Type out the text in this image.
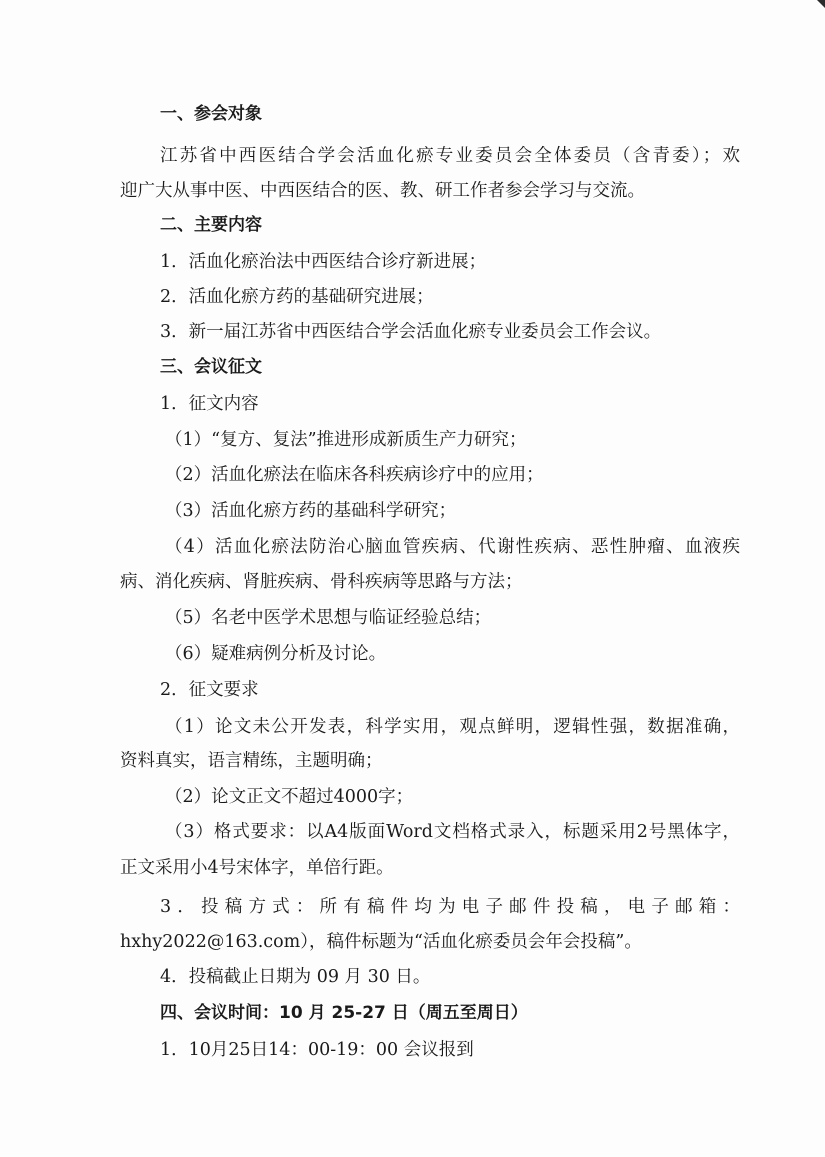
一、参会对象
江苏省中西医结合学会活血化瘀专业委员会全体委员（含青委）；欢
迎广大从事中医、中西医结合的医、教、研工作者参会学习与交流。
二、主要内容
1．活血化瘀治法中西医结合诊疗新进展；
2．活血化瘀方药的基础研究进展；
3．新一届江苏省中西医结合学会活血化瘀专业委员会工作会议。
三、会议征文
1．征文内容
（1）“复方、复法”推进形成新质生产力研究；
（2）活血化瘀法在临床各科疾病诊疗中的应用；
（3）活血化瘀方药的基础科学研究；
（4）活血化瘀法防治心脑血管疾病、代谢性疾病、恶性肿瘤、血液疾
病、消化疾病、肾脏疾病、骨科疾病等思路与方法；
（5）名老中医学术思想与临证经验总结；
（6）疑难病例分析及讨论。
2．征文要求
（1）论文未公开发表，科学实用，观点鲜明，逻辑性强，数据准确，
资料真实，语言精练，主题明确；
（2）论文正文不超过4000字；
（3）格式要求：以A4版面Word文档格式录入，标题采用2号黑体字，
正文采用小4号宋体字，单倍行距。
3．投稿方式：所有稿件均为电子邮件投稿，电子邮箱：
hxhy2022@163.com），稿件标题为“活血化瘀委员会年会投稿”。
4．投稿截止日期为 09 月 30 日。
四、会议时间：10 月 25-27 日（周五至周日）
1．10月25日14：00-19：00 会议报到
